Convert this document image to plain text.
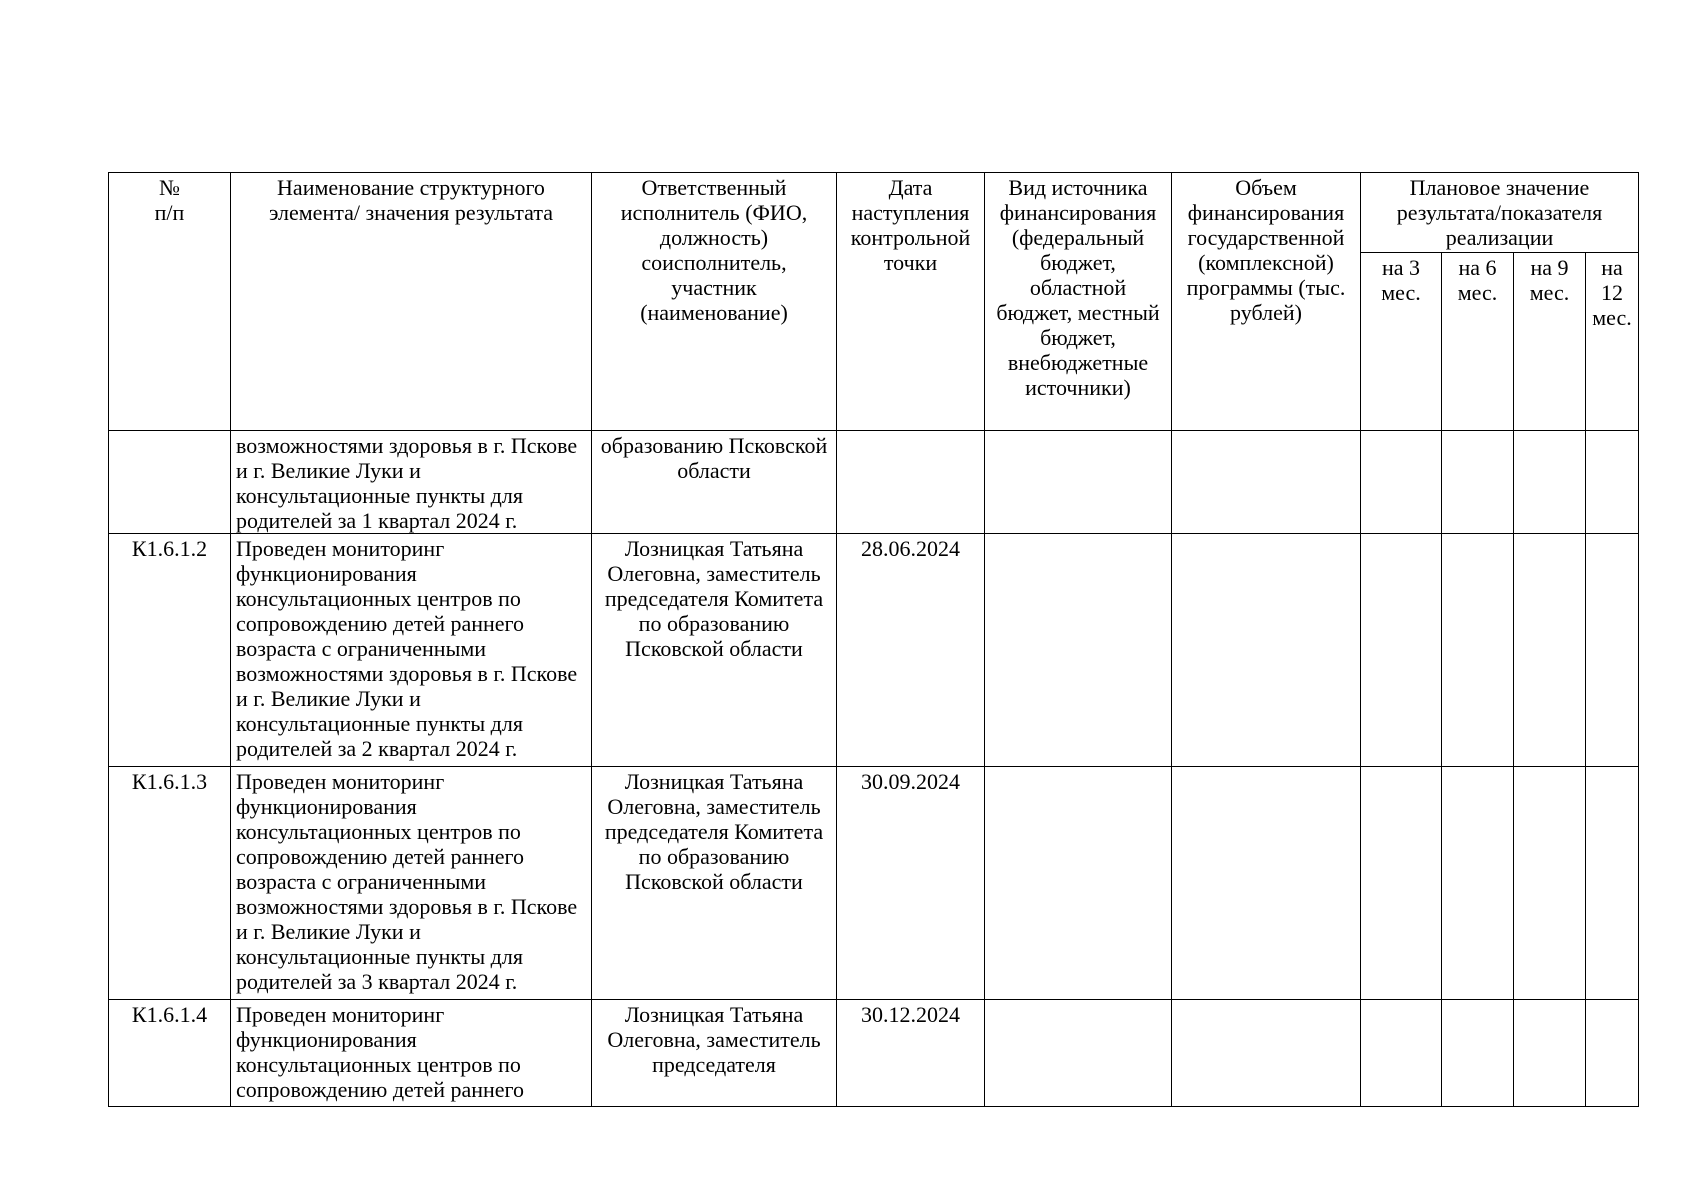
№
п/п	Наименование структурного элемента/ значения результата	Ответственный исполнитель (ФИО, должность) соисполнитель, участник (наименование)	Дата наступления контрольной точки	Вид источника финансирования (федеральный бюджет, областной бюджет, местный бюджет, внебюджетные источники)	Объем финансирования государственной (комплексной) программы (тыс. рублей)	Плановое значение результата/показателя реализации			
						на 3 мес.	на 6 мес.	на 9 мес.	на 12 мес.
	возможностями здоровья в г. Пскове и г. Великие Луки и консультационные пункты для родителей за 1 квартал 2024 г.	образованию Псковской области							
К1.6.1.2	Проведен мониторинг функционирования консультационных центров по сопровождению детей раннего возраста с ограниченными возможностями здоровья в г. Пскове и г. Великие Луки и консультационные пункты для родителей за 2 квартал 2024 г.	Лозницкая Татьяна Олеговна, заместитель председателя Комитета по образованию Псковской области	28.06.2024						
К1.6.1.3	Проведен мониторинг функционирования консультационных центров по сопровождению детей раннего возраста с ограниченными возможностями здоровья в г. Пскове и г. Великие Луки и консультационные пункты для родителей за 3 квартал 2024 г.	Лозницкая Татьяна Олеговна, заместитель председателя Комитета по образованию Псковской области	30.09.2024						
К1.6.1.4	Проведен мониторинг функционирования консультационных центров по сопровождению детей раннего	Лозницкая Татьяна Олеговна, заместитель председателя	30.12.2024						
